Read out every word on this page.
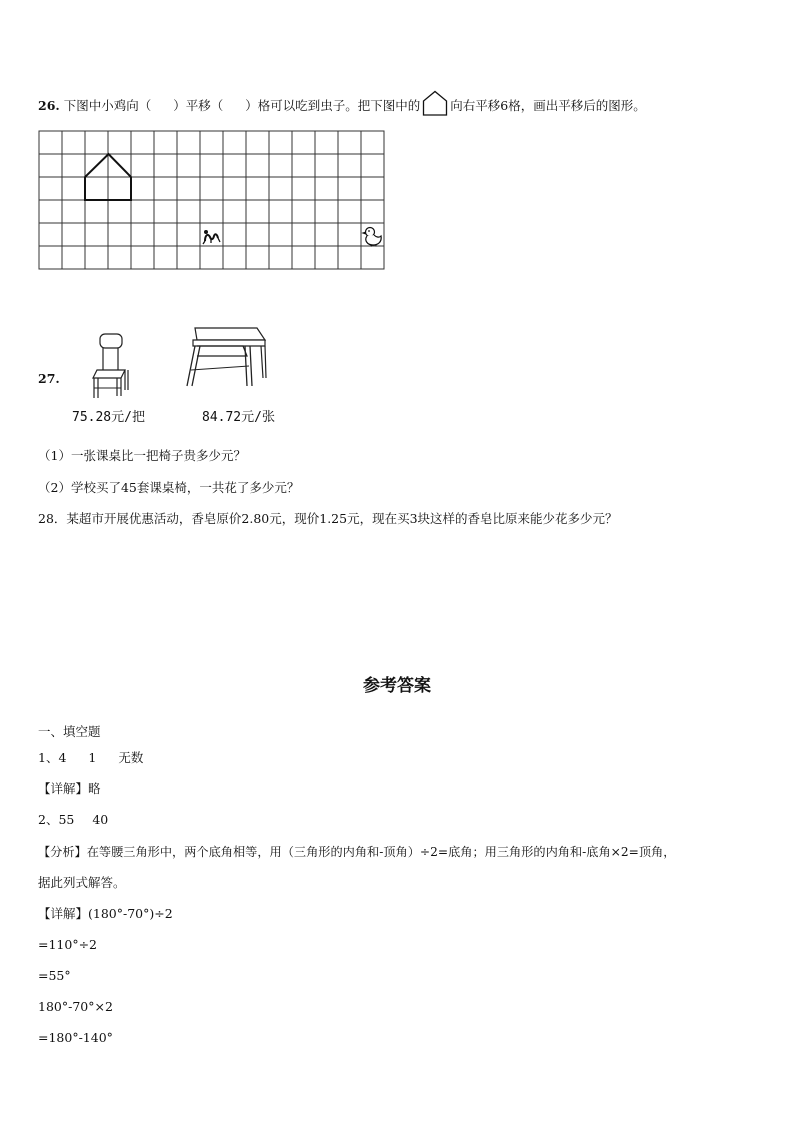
26. 下图中小鸡向（ ）平移（ ）格可以吃到虫子。把下图中的 向右平移6格，画出平移后的图形。
27.
75.28元/把	84.72元/张
（1）一张课桌比一把椅子贵多少元？
（2）学校买了45套课桌椅，一共花了多少元？
28．某超市开展优惠活动，香皂原价2.80元，现价1.25元，现在买3块这样的香皂比原来能少花多少元？
参考答案
一、填空题
1、4 1 无数
【详解】略
2、55 40
【分析】在等腰三角形中，两个底角相等，用（三角形的内角和-顶角）÷2=底角；用三角形的内角和-底角×2=顶角，
据此列式解答。
【详解】(180°-70°)÷2
=110°÷2
=55°
180°-70°×2
=180°-140°
